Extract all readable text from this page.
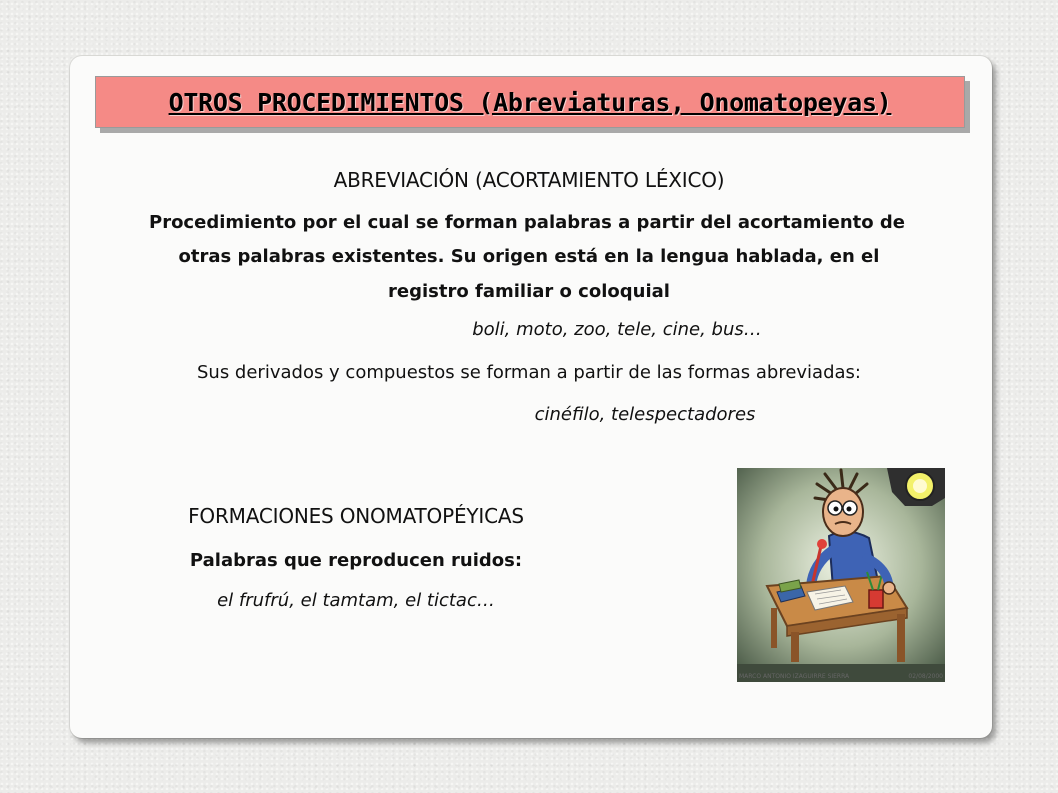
OTROS PROCEDIMIENTOS (Abreviaturas, Onomatopeyas)
ABREVIACIÓN (ACORTAMIENTO LÉXICO)
Procedimiento por el cual se forman palabras a partir del acortamiento de
otras palabras existentes. Su origen está en la lengua hablada, en el
registro familiar o coloquial
boli, moto, zoo, tele, cine, bus…
Sus derivados y compuestos se forman a partir de las formas abreviadas:
cinéfilo, telespectadores
FORMACIONES ONOMATOPÉYICAS
Palabras que reproducen ruidos:
el frufrú, el tamtam, el tictac…
MARCO ANTONIO IZAGUIRRE SIERRA	02/08/2000
